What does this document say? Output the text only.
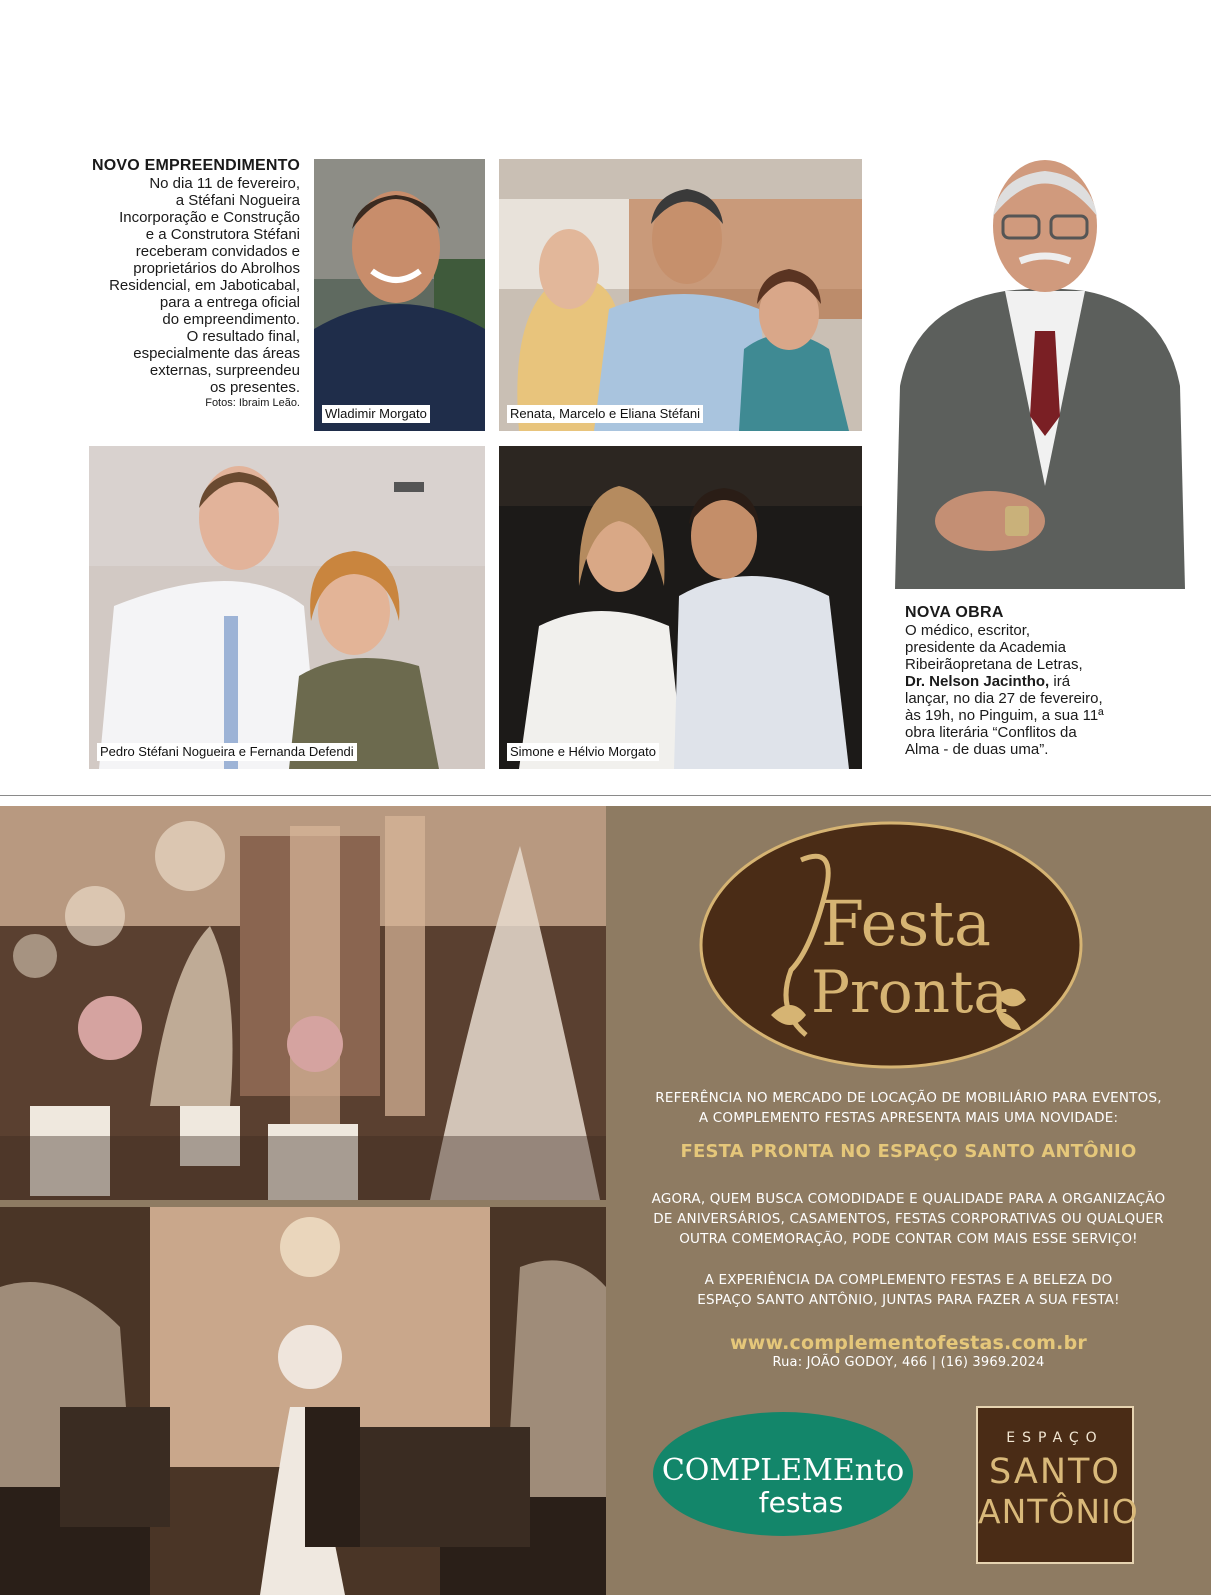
NOVO EMPREENDIMENTO

No dia 11 de fevereiro,

a Stéfani Nogueira

Incorporação e Construção

e a Construtora Stéfani

receberam convidados e

proprietários do Abrolhos

Residencial, em Jaboticabal,

para a entrega oficial

do empreendimento.

O resultado final,

especialmente das áreas

externas, surpreendeu

os presentes.

Fotos: Ibraim Leão.

Wladimir Morgato	Renata, Marcelo e Eliana Stéfani
Pedro Stéfani Nogueira e Fernanda Defendi	Simone e Hélvio Morgato
NOVA OBRA

O médico, escritor,

presidente da Academia

Ribeirãopretana de Letras,

Dr. Nelson Jacintho, irá

lançar, no dia 27 de fevereiro,

às 19h, no Pinguim, a sua 11ª

obra literária “Conflitos da

Alma - de duas uma”.

Festa
Pronta

REFERÊNCIA NO MERCADO DE LOCAÇÃO DE MOBILIÁRIO PARA EVENTOS,

A COMPLEMENTO FESTAS APRESENTA MAIS UMA NOVIDADE:

FESTA PRONTA NO ESPAÇO SANTO ANTÔNIO

AGORA, QUEM BUSCA COMODIDADE E QUALIDADE PARA A ORGANIZAÇÃO

DE ANIVERSÁRIOS, CASAMENTOS, FESTAS CORPORATIVAS OU QUALQUER

OUTRA COMEMORAÇÃO, PODE CONTAR COM MAIS ESSE SERVIÇO!

A EXPERIÊNCIA DA COMPLEMENTO FESTAS E A BELEZA DO

ESPAÇO SANTO ANTÔNIO, JUNTAS PARA FAZER A SUA FESTA!

www.complementofestas.com.br

Rua: JOÃO GODOY, 466 | (16) 3969.2024

COMPLEMEnto
festas
ESPAÇO
SANTO
ANTÔNIO
